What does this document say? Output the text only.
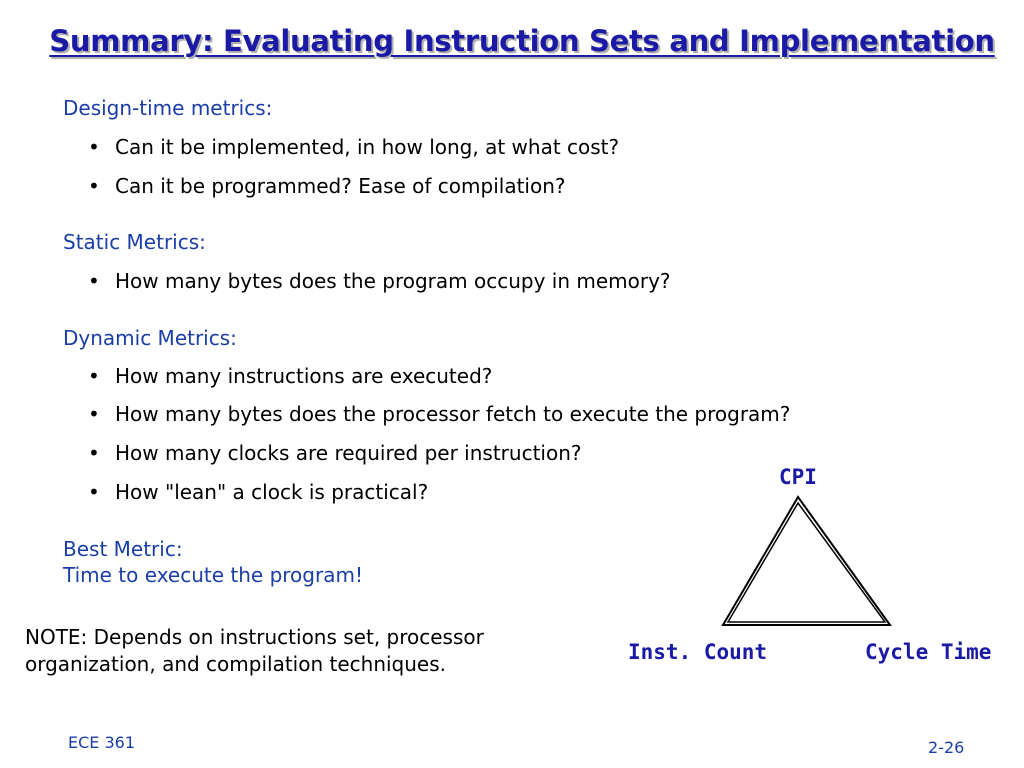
Summary: Evaluating Instruction Sets and Implementation
Design-time metrics:
• Can it be implemented, in how long, at what cost?
• Can it be programmed? Ease of compilation?
Static Metrics:
• How many bytes does the program occupy in memory?
Dynamic Metrics:
• How many instructions are executed?
• How many bytes does the processor fetch to execute the program?
• How many clocks are required per instruction?
• How "lean" a clock is practical?
Best Metric:
Time to execute the program!
NOTE: Depends on instructions set, processor
organization, and compilation techniques.
CPI
Inst. Count	Cycle Time
ECE 361	2-26
